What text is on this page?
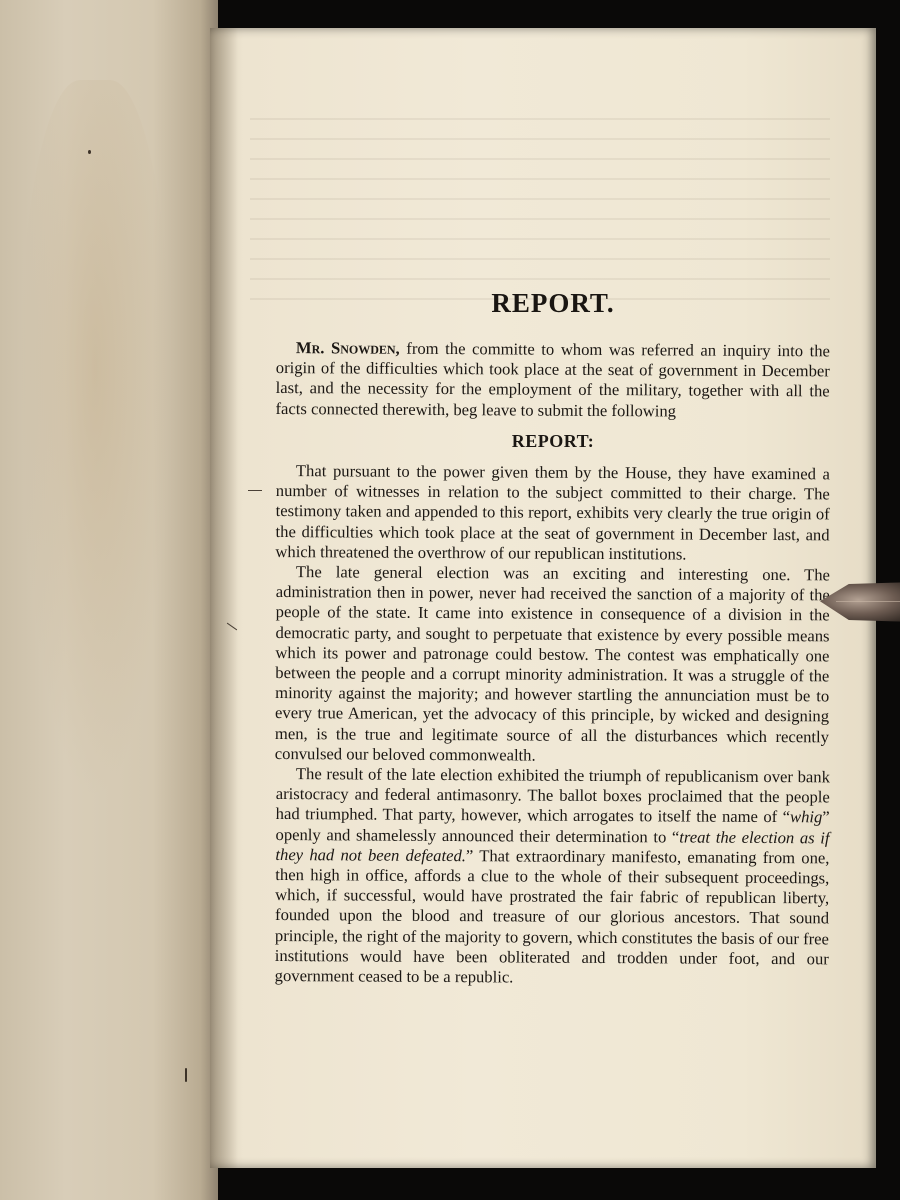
REPORT.

Mr. Snowden, from the committe to whom was referred an inquiry into the origin of the difficulties which took place at the seat of government in December last, and the necessity for the employment of the military, together with all the facts connected therewith, beg leave to submit the following

REPORT:

That pursuant to the power given them by the House, they have examined a number of witnesses in relation to the subject committed to their charge. The testimony taken and appended to this report, exhibits very clearly the true origin of the difficulties which took place at the seat of government in December last, and which threatened the overthrow of our republican institutions.

The late general election was an exciting and interesting one. The administration then in power, never had received the sanction of a majority of the people of the state. It came into existence in consequence of a division in the democratic party, and sought to perpetuate that existence by every possible means which its power and patronage could bestow. The contest was emphatically one between the people and a corrupt minority administration. It was a struggle of the minority against the majority; and however startling the annunciation must be to every true American, yet the advocacy of this principle, by wicked and designing men, is the true and legitimate source of all the disturbances which recently convulsed our beloved commonwealth.

The result of the late election exhibited the triumph of republicanism over bank aristocracy and federal antimasonry. The ballot boxes proclaimed that the people had triumphed. That party, however, which arrogates to itself the name of “whig” openly and shamelessly announced their determination to “treat the election as if they had not been defeated.” That extraordinary manifesto, emanating from one, then high in office, affords a clue to the whole of their subsequent proceedings, which, if successful, would have prostrated the fair fabric of republican liberty, founded upon the blood and treasure of our glorious ancestors. That sound principle, the right of the majority to govern, which constitutes the basis of our free institutions would have been obliterated and trodden under foot, and our government ceased to be a republic.
